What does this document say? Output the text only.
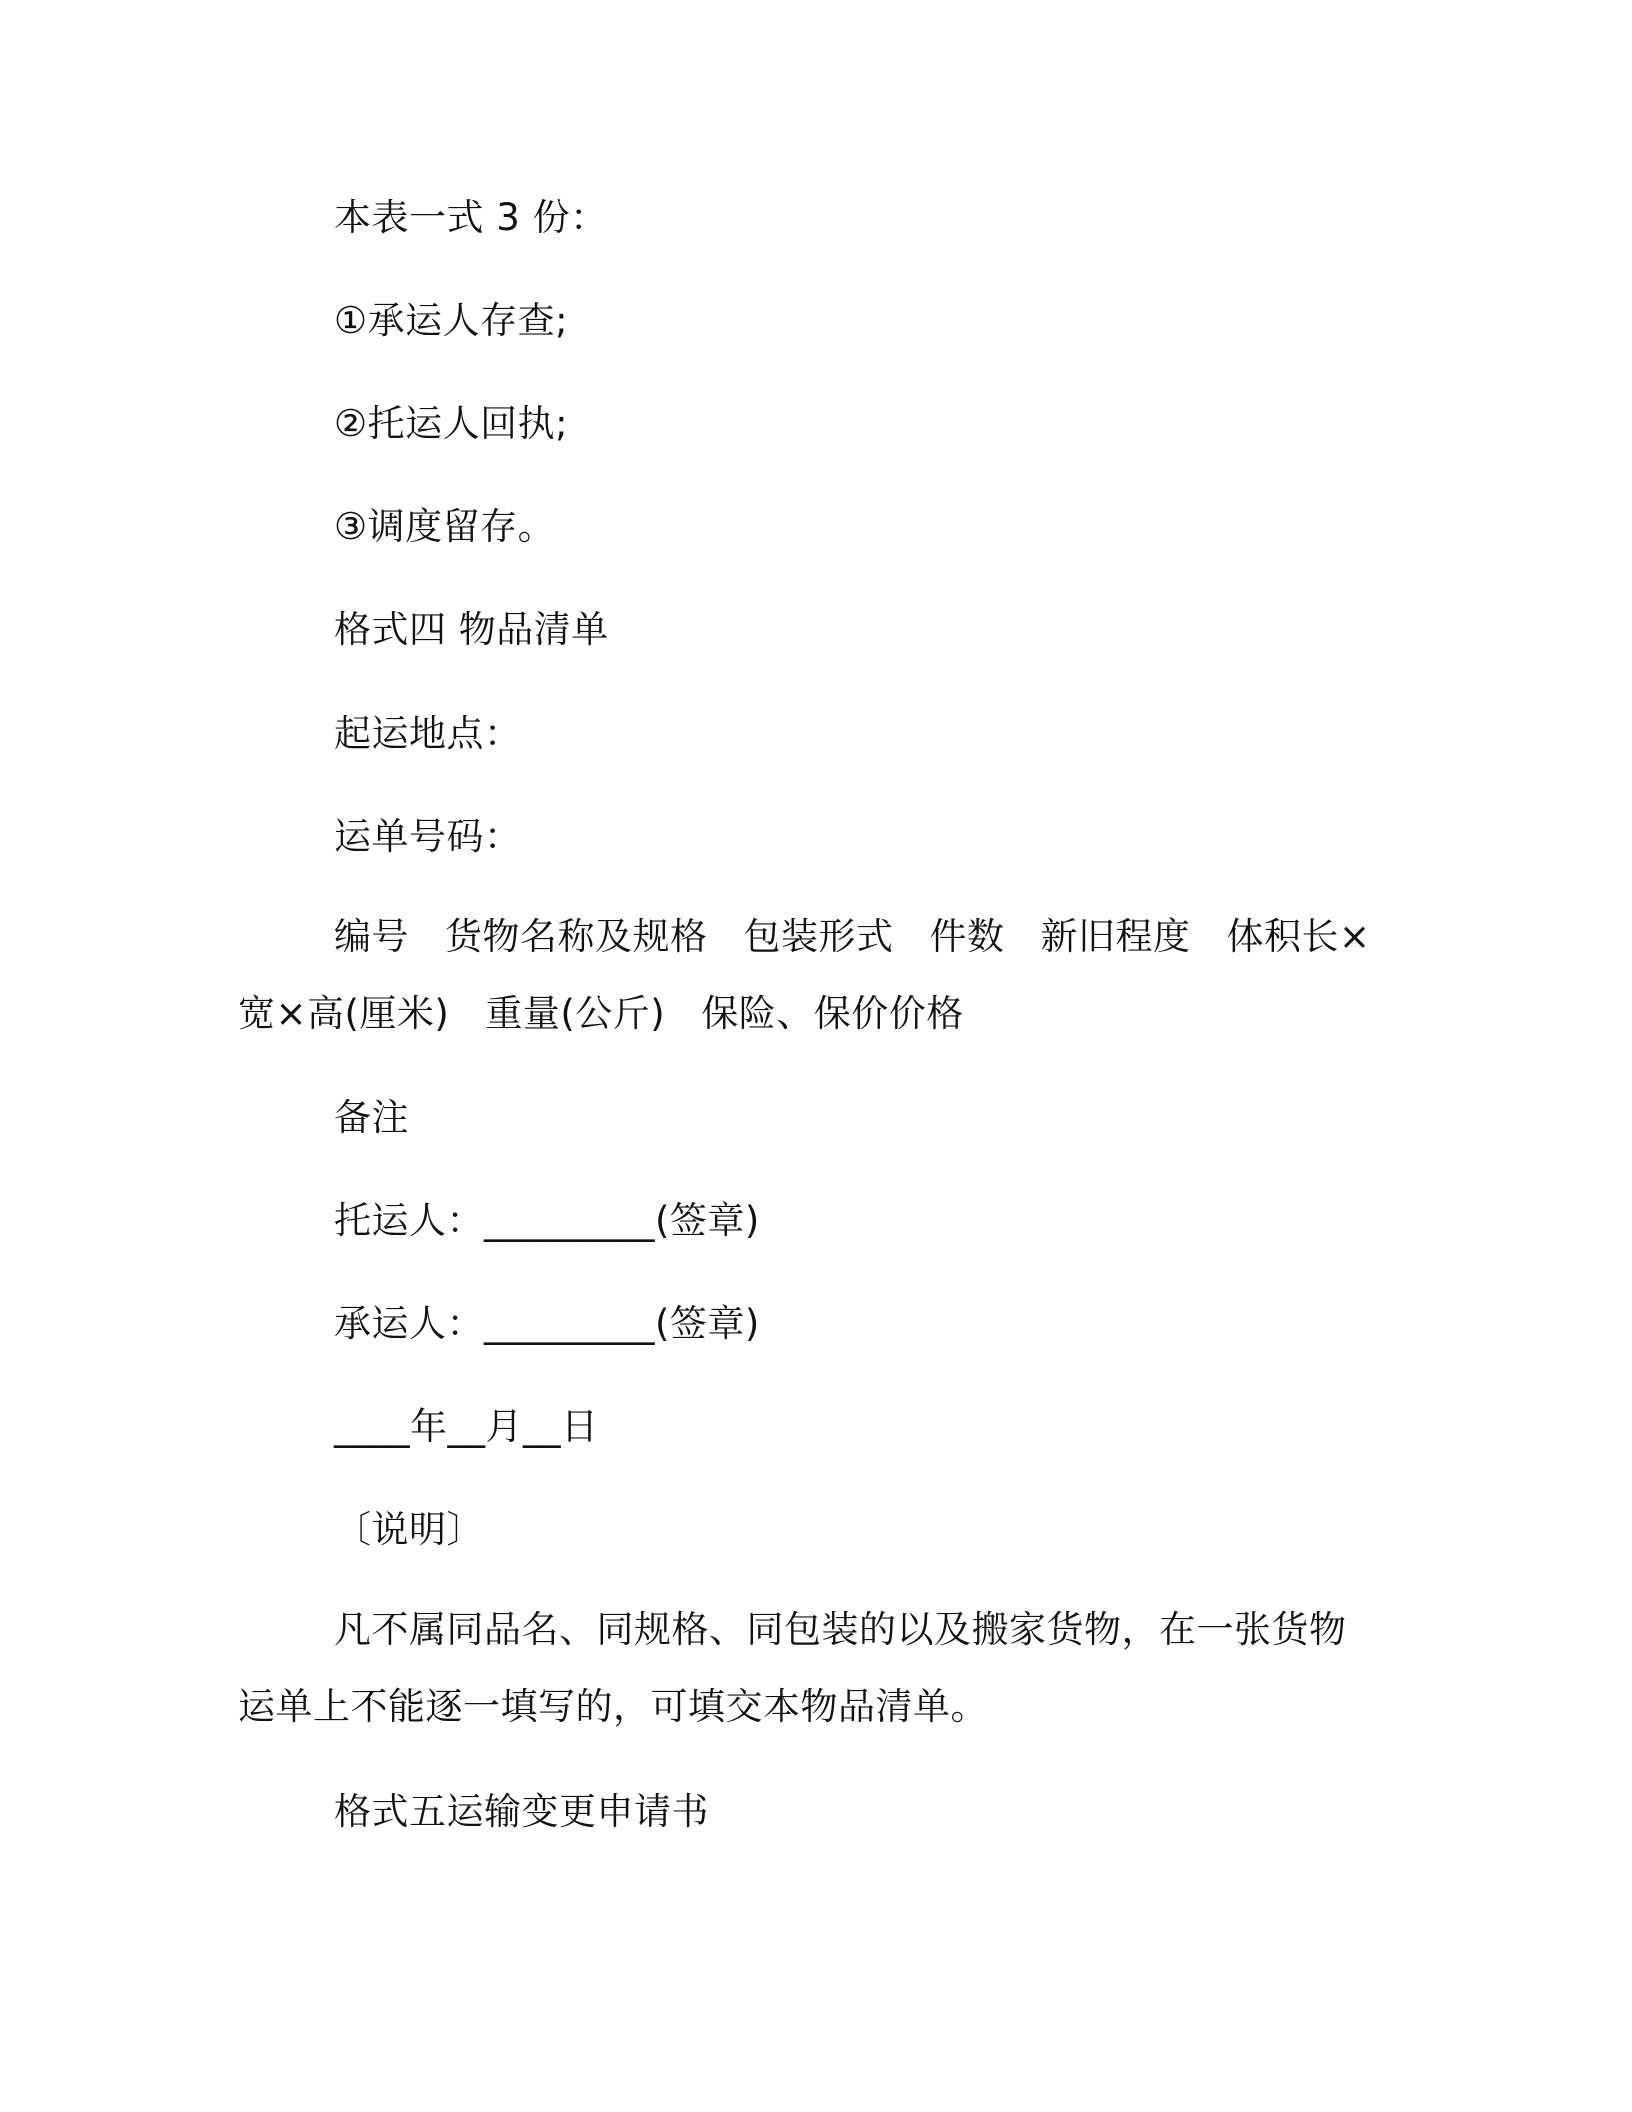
本表一式 3 份：
①承运人存查;
②托运人回执;
③调度留存。
格式四 物品清单
起运地点：
运单号码：
编号 货物名称及规格 包装形式 件数 新旧程度 体积长×宽×高(厘米) 重量(公斤) 保险、保价价格
备注
托运人：_________(签章)
承运人：_________(签章)
____年__月__日
〔说明〕
凡不属同品名、同规格、同包装的以及搬家货物，在一张货物运单上不能逐一填写的，可填交本物品清单。
格式五运输变更申请书
